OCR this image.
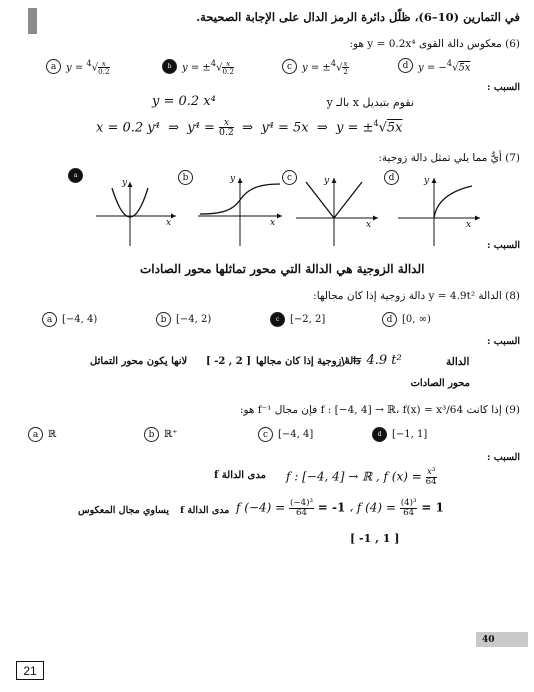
في التمارين (10–6)، ظلّل دائرة الرمز الدال على الإجابة الصحيحة.
(6) معكوس دالة القوى y = 0.2x⁴ هو:
a $y = ^4√ \frac{x}{0.2}$	b	$y = \pm^4√ \frac{x}{0.2}$	c $y = \pm^4√ \frac{x}{2}$	d y = −$^4$√5x
السبب :
y = 0.2 x⁴	نقوم بتبديل x بالـ y
x = 0.2 y⁴  ⇒  $y^4 = \frac{x}{0.2}$ ⇒  y⁴ = 5x  ⇒  y = ±$^4$√5x
(7) أيٌّ مما يلي تمثل دالة زوجية:
a
y
x
b	y
x
c	y
x
d	y
x
السبب :
الدالة الزوجية هي الدالة التي محور تماثلها محور الصادات
(8) الدالة y = 4.9t² دالة زوجية إذا كان مجالها:
a [−4, 4)	b [−4, 2)	c	[−2, 2]	d [0, ∞)
السبب :
الدالة
y = 4.9 t²
دالة زوجية إذا كان مجالها
[ -2 , 2 ]
لانها يكون محور التماثل
محور الصادات
(9) إذا كانت f : [−4, 4] → ℝ، f(x) = x³/64 فإن مجال f⁻¹ هو:
a ℝ	b ℝ⁺	c [−4, 4]	d	[−1, 1]
السبب :
f : [−4, 4] → ℝ , f $(x) = \frac{\text{x³}}{64}$
مدى الدالة f
يساوي مجال المعكوس مدى الدالة f f $(-4) = \frac{\text{(−4)³}}{64} = -1$ ، f $(4) = \frac{\text{(4)³}}{64} = 1$
[ -1 , 1 ]
40
21
